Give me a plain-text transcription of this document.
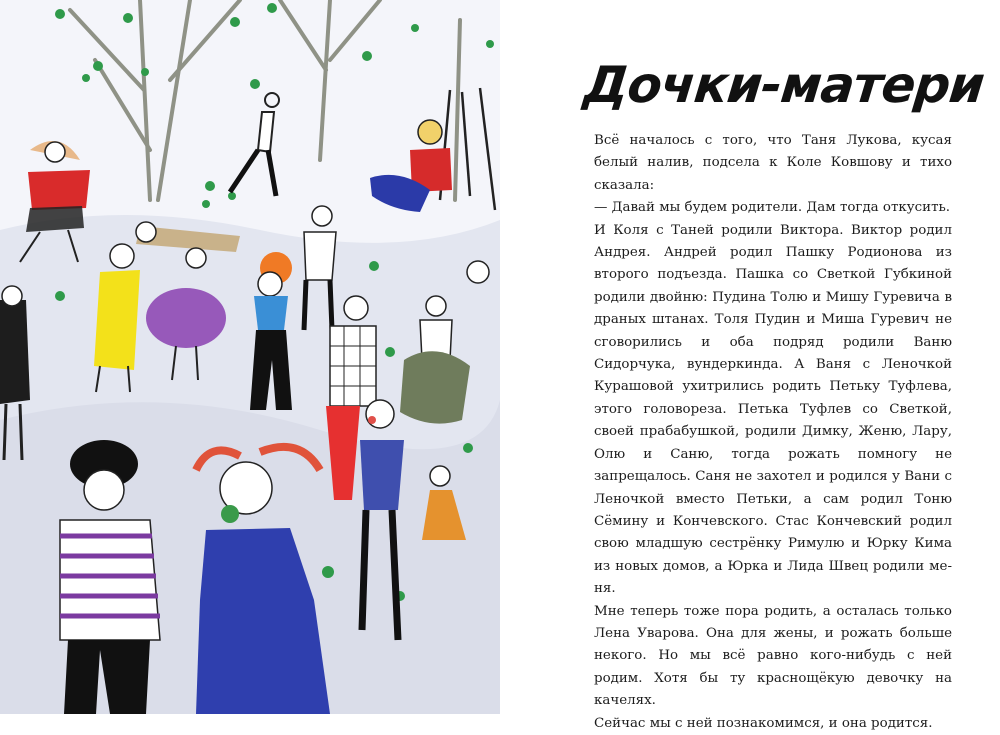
Дочки-матери

Всё началось с того, что Таня Лукова, кусая белый налив, подсела к Коле Ковшову и тихо сказала:

— Давай мы будем родители. Дам тогда откусить.

И Коля с Таней родили Виктора. Виктор родил Андрея. Андрей родил Пашку Родионова из второго подъезда. Пашка со Светкой Губкиной родили двойню: Пудина Толю и Мишу Гуревича в драных штанах. Толя Пудин и Миша Гуревич не сговорились и оба подряд родили Ваню Сидорчука, вундеркинда. А Ваня с Леночкой Курашовой ухитрились родить Петьку Туфлева, этого головореза. Петька Туфлев со Светкой, своей прабабушкой, родили Димку, Женю, Лару, Олю и Саню, тогда рожать помногу не запрещалось. Саня не захотел и родился у Вани с Леночкой вместо Петьки, а сам родил Тоню Сёмину и Кончевского. Стас Кончевский родил свою младшую сестрёнку Римулю и Юрку Кима из новых домов, а Юрка и Лида Швец родили меня.

Мне теперь тоже пора родить, а осталась только Лена Уварова. Она для жены, и рожать больше некого. Но мы всё равно кого-нибудь с ней родим. Хотя бы ту краснощёкую девочку на качелях.

Сейчас мы с ней познакомимся, и она родится.
